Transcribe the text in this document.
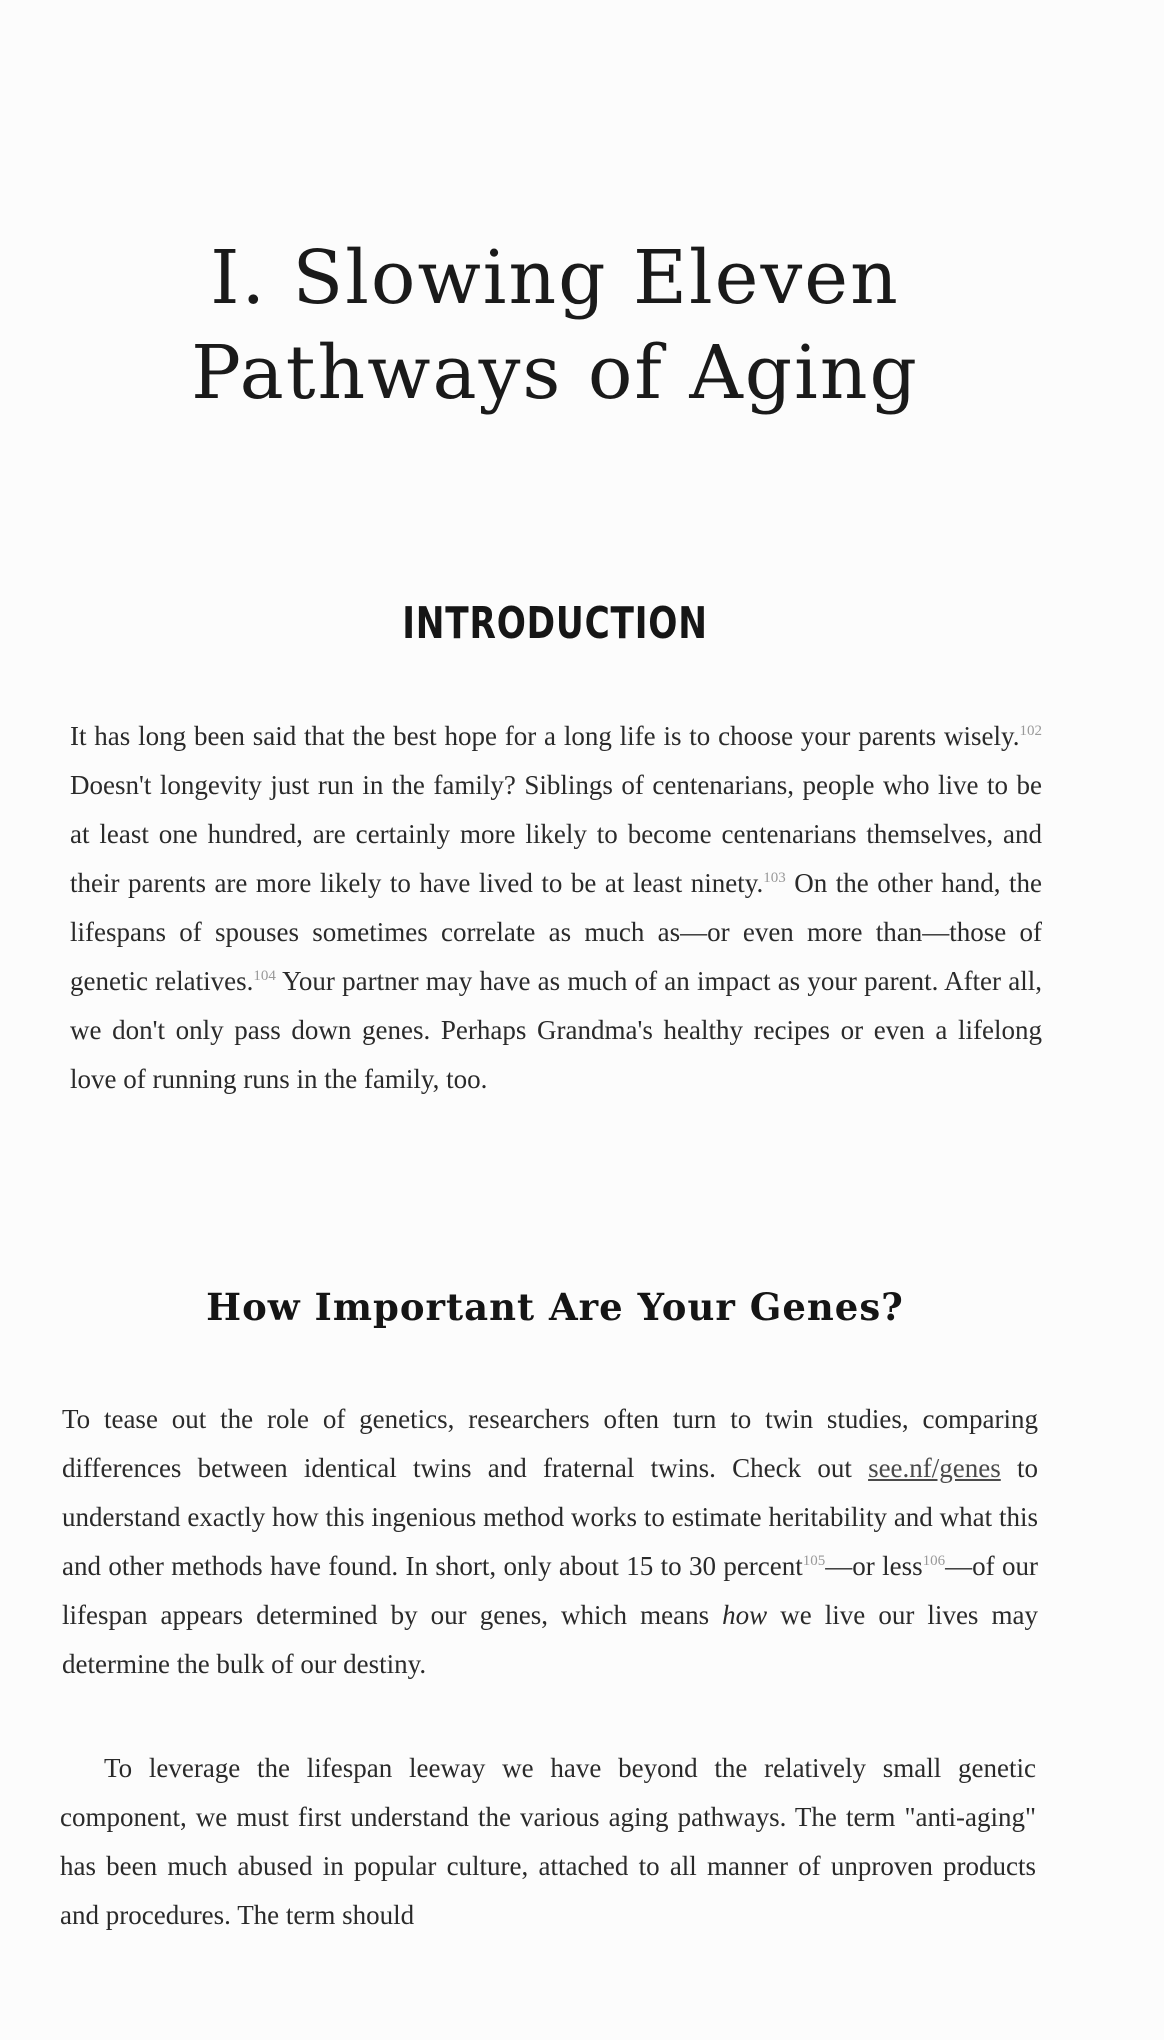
I. Slowing Eleven
Pathways of Aging
INTRODUCTION

It has long been said that the best hope for a long life is to choose your parents wisely.$^{102}$ Doesn't longevity just run in the family? Siblings of centenarians, people who live to be at least one hundred, are certainly more likely to become centenarians themselves, and their parents are more likely to have lived to be at least ninety.$^{103}$ On the other hand, the lifespans of spouses sometimes correlate as much as—or even more than—those of genetic relatives.$^{104}$ Your partner may have as much of an impact as your parent. After all, we don't only pass down genes. Perhaps Grandma's healthy recipes or even a lifelong love of running runs in the family, too.

How Important Are Your Genes?

To tease out the role of genetics, researchers often turn to twin studies, comparing differences between identical twins and fraternal twins. Check out see.nf/genes to understand exactly how this ingenious method works to estimate heritability and what this and other methods have found. In short, only about 15 to 30 percent$^{105}$—or less$^{106}$—of our lifespan appears determined by our genes, which means how we live our lives may determine the bulk of our destiny.

To leverage the lifespan leeway we have beyond the relatively small genetic component, we must first understand the various aging pathways. The term "anti-aging" has been much abused in popular culture, attached to all manner of unproven products and procedures. The term should
